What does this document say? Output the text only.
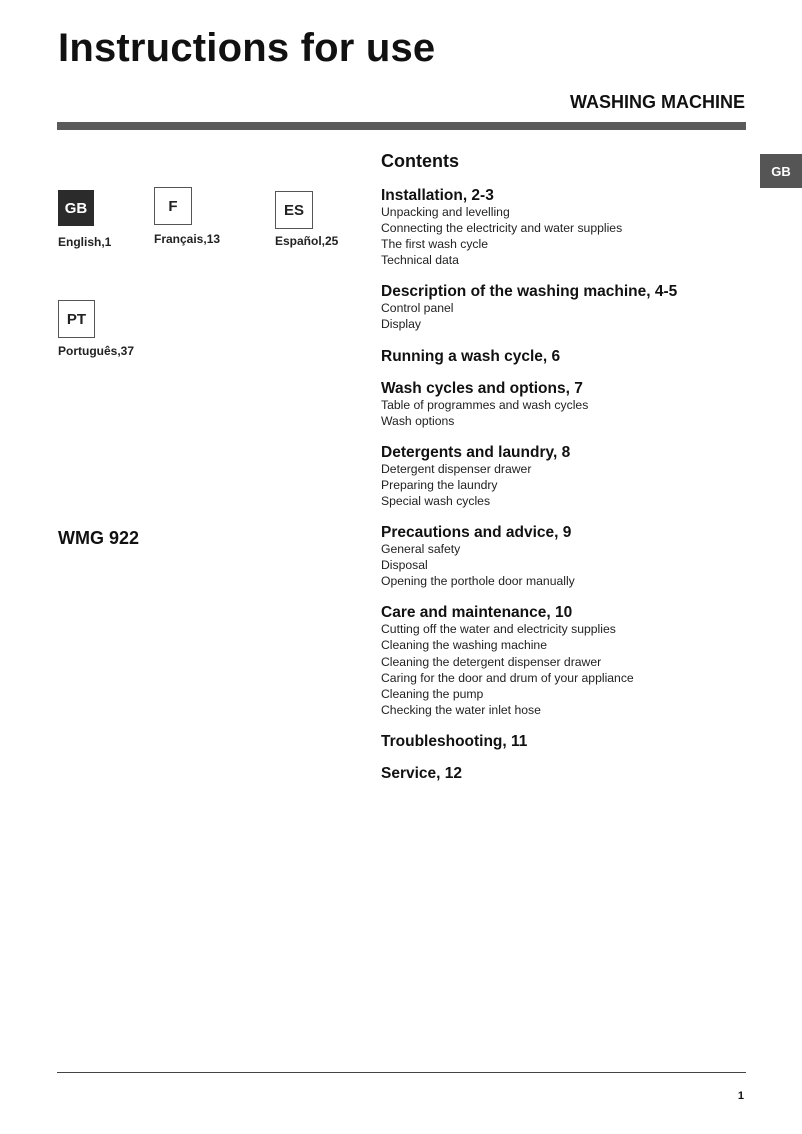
Instructions for use
WASHING MACHINE
GB
GB
English,1
F
Français,13
ES
Español,25
PT
Português,37
WMG 922
Contents
Installation, 2-3
Unpacking and levelling
Connecting the electricity and water supplies
The first wash cycle
Technical data
Description of the washing machine, 4-5
Control panel
Display
Running a wash cycle, 6
Wash cycles and options, 7
Table of programmes and wash cycles
Wash options
Detergents and laundry, 8
Detergent dispenser drawer
Preparing the laundry
Special wash cycles
Precautions and advice, 9
General safety
Disposal
Opening the porthole door manually
Care and maintenance, 10
Cutting off the water and electricity supplies
Cleaning the washing machine
Cleaning the detergent dispenser drawer
Caring for the door and drum of your appliance
Cleaning the pump
Checking the water inlet hose
Troubleshooting, 11
Service, 12
1
